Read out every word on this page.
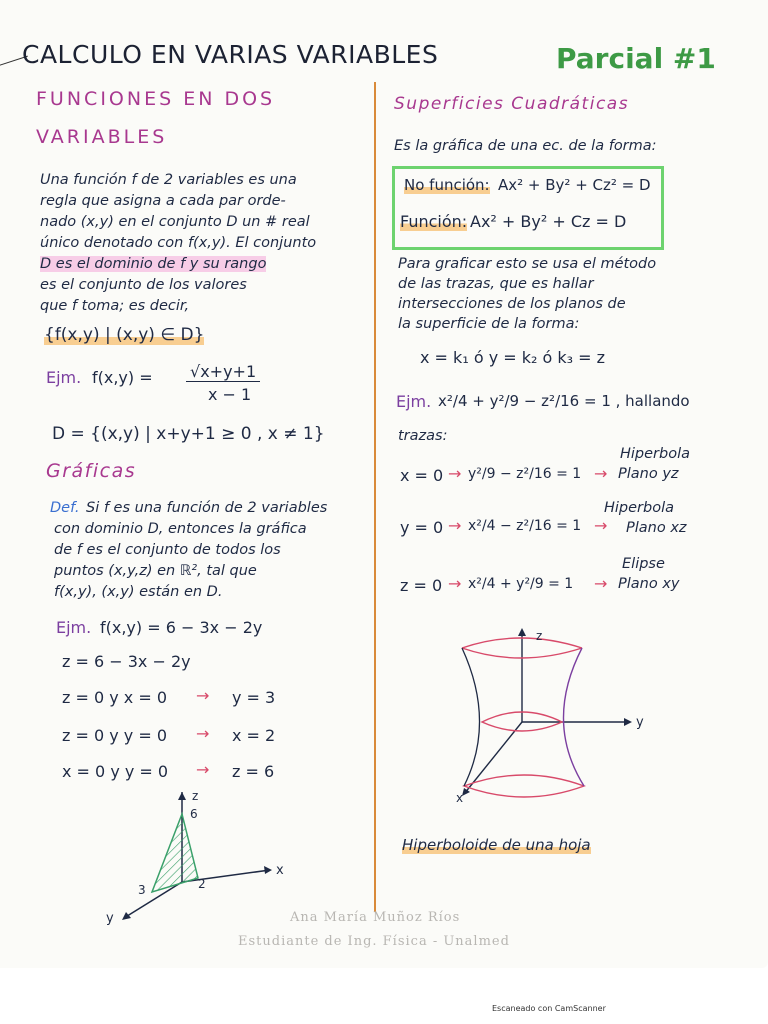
CALCULO EN VARIAS VARIABLES	Parcial #1
FUNCIONES EN DOS
VARIABLES
Una función f de 2 variables es una
regla que asigna a cada par orde-
nado (x,y) en el conjunto D un # real
único denotado con f(x,y). El conjunto
D es el dominio de f y su rango
es el conjunto de los valores
que f toma; es decir,
{f(x,y) | (x,y) ∈ D}
Ejm. f(x,y) = √x+y+1
x − 1
D = {(x,y) | x+y+1 ≥ 0 , x ≠ 1}
Gráficas
Def. Si f es una función de 2 variables
con dominio D, entonces la gráfica
de f es el conjunto de todos los
puntos (x,y,z) en ℝ², tal que
f(x,y), (x,y) están en D.
Ejm. f(x,y) = 6 − 3x − 2y
z = 6 − 3x − 2y
z = 0 y x = 0 → y = 3
z = 0 y y = 0 → x = 2
x = 0 y y = 0 → z = 6
z
6
x
2
3
y
Superficies Cuadráticas
Es la gráfica de una ec. de la forma:
No función: Ax² + By² + Cz² = D
Función: Ax² + By² + Cz = D
Para graficar esto se usa el método
de las trazas, que es hallar
intersecciones de los planos de
la superficie de la forma:
x = k₁ ó y = k₂ ó k₃ = z
Ejm. x²/4 + y²/9 − z²/16 = 1 , hallando
trazas:
x = 0 → y²/9 − z²/16 = 1 →
Hiperbola
Plano yz
y = 0 → x²/4 − z²/16 = 1 →
Hiperbola
Plano xz
z = 0 → x²/4 + y²/9 = 1 →
Elipse
Plano xy
z
y
x
Hiperboloide de una hoja
Ana María Muñoz Ríos
Estudiante de Ing. Física - Unalmed
Escaneado con CamScanner
